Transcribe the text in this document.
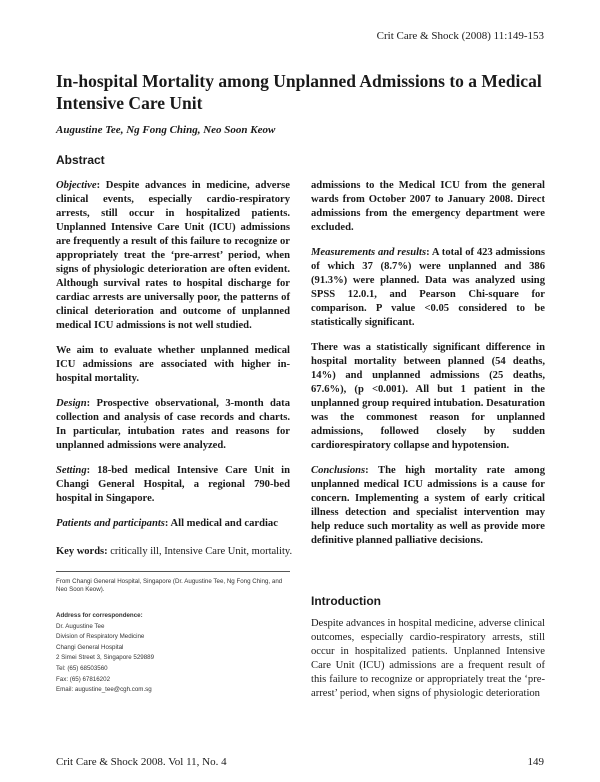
Crit Care & Shock (2008) 11:149-153
In-hospital Mortality among Unplanned Admissions to a Medical Intensive Care Unit
Augustine Tee, Ng Fong Ching, Neo Soon Keow
Abstract

Objective: Despite advances in medicine, adverse clinical events, especially cardio-respiratory arrests, still occur in hospitalized patients. Unplanned Intensive Care Unit (ICU) admissions are frequently a result of this failure to recognize or appropriately treat the ‘pre-arrest’ period, when signs of physiologic deterioration are often evident. Although survival rates to hospital discharge for cardiac arrests are universally poor, the patterns of clinical deterioration and outcome of unplanned medical ICU admissions is not well studied.

We aim to evaluate whether unplanned medical ICU admissions are associated with higher in-hospital mortality.

Design: Prospective observational, 3-month data collection and analysis of case records and charts. In particular, intubation rates and reasons for unplanned admissions were analyzed.

Setting: 18-bed medical Intensive Care Unit in Changi General Hospital, a regional 790-bed hospital in Singapore.

Patients and participants: All medical and cardiac

admissions to the Medical ICU from the general wards from October 2007 to January 2008. Direct admissions from the emergency department were excluded.

Measurements and results: A total of 423 admissions of which 37 (8.7%) were unplanned and 386 (91.3%) were planned. Data was analyzed using SPSS 12.0.1, and Pearson Chi-square for comparison. P value <0.05 considered to be statistically significant.

There was a statistically significant difference in hospital mortality between planned (54 deaths, 14%) and unplanned admissions (25 deaths, 67.6%), (p <0.001). All but 1 patient in the unplanned group required intubation. Desaturation was the commonest reason for unplanned admissions, followed closely by sudden cardiorespiratory collapse and hypotension.

Conclusions: The high mortality rate among unplanned medical ICU admissions is a cause for concern. Implementing a system of early critical illness detection and specialist intervention may help reduce such mortality as well as provide more definitive planned palliative decisions.

Key words: critically ill, Intensive Care Unit, mortality.
From Changi General Hospital, Singapore (Dr. Augustine Tee, Ng Fong Ching, and Neo Soon Keow).
Address for correspondence:
Dr. Augustine Tee
Division of Respiratory Medicine
Changi General Hospital
2 Simei Street 3, Singapore 529889
Tel: (65) 68503560
Fax: (65) 67816202
Email: augustine_tee@cgh.com.sg
Introduction
Despite advances in hospital medicine, adverse clinical outcomes, especially cardio-respiratory arrests, still occur in hospitalized patients. Unplanned Intensive Care Unit (ICU) admissions are a frequent result of this failure to recognize or appropriately treat the ‘pre-arrest’ period, when signs of physiologic deterioration
Crit Care & Shock 2008. Vol 11, No. 4	149
